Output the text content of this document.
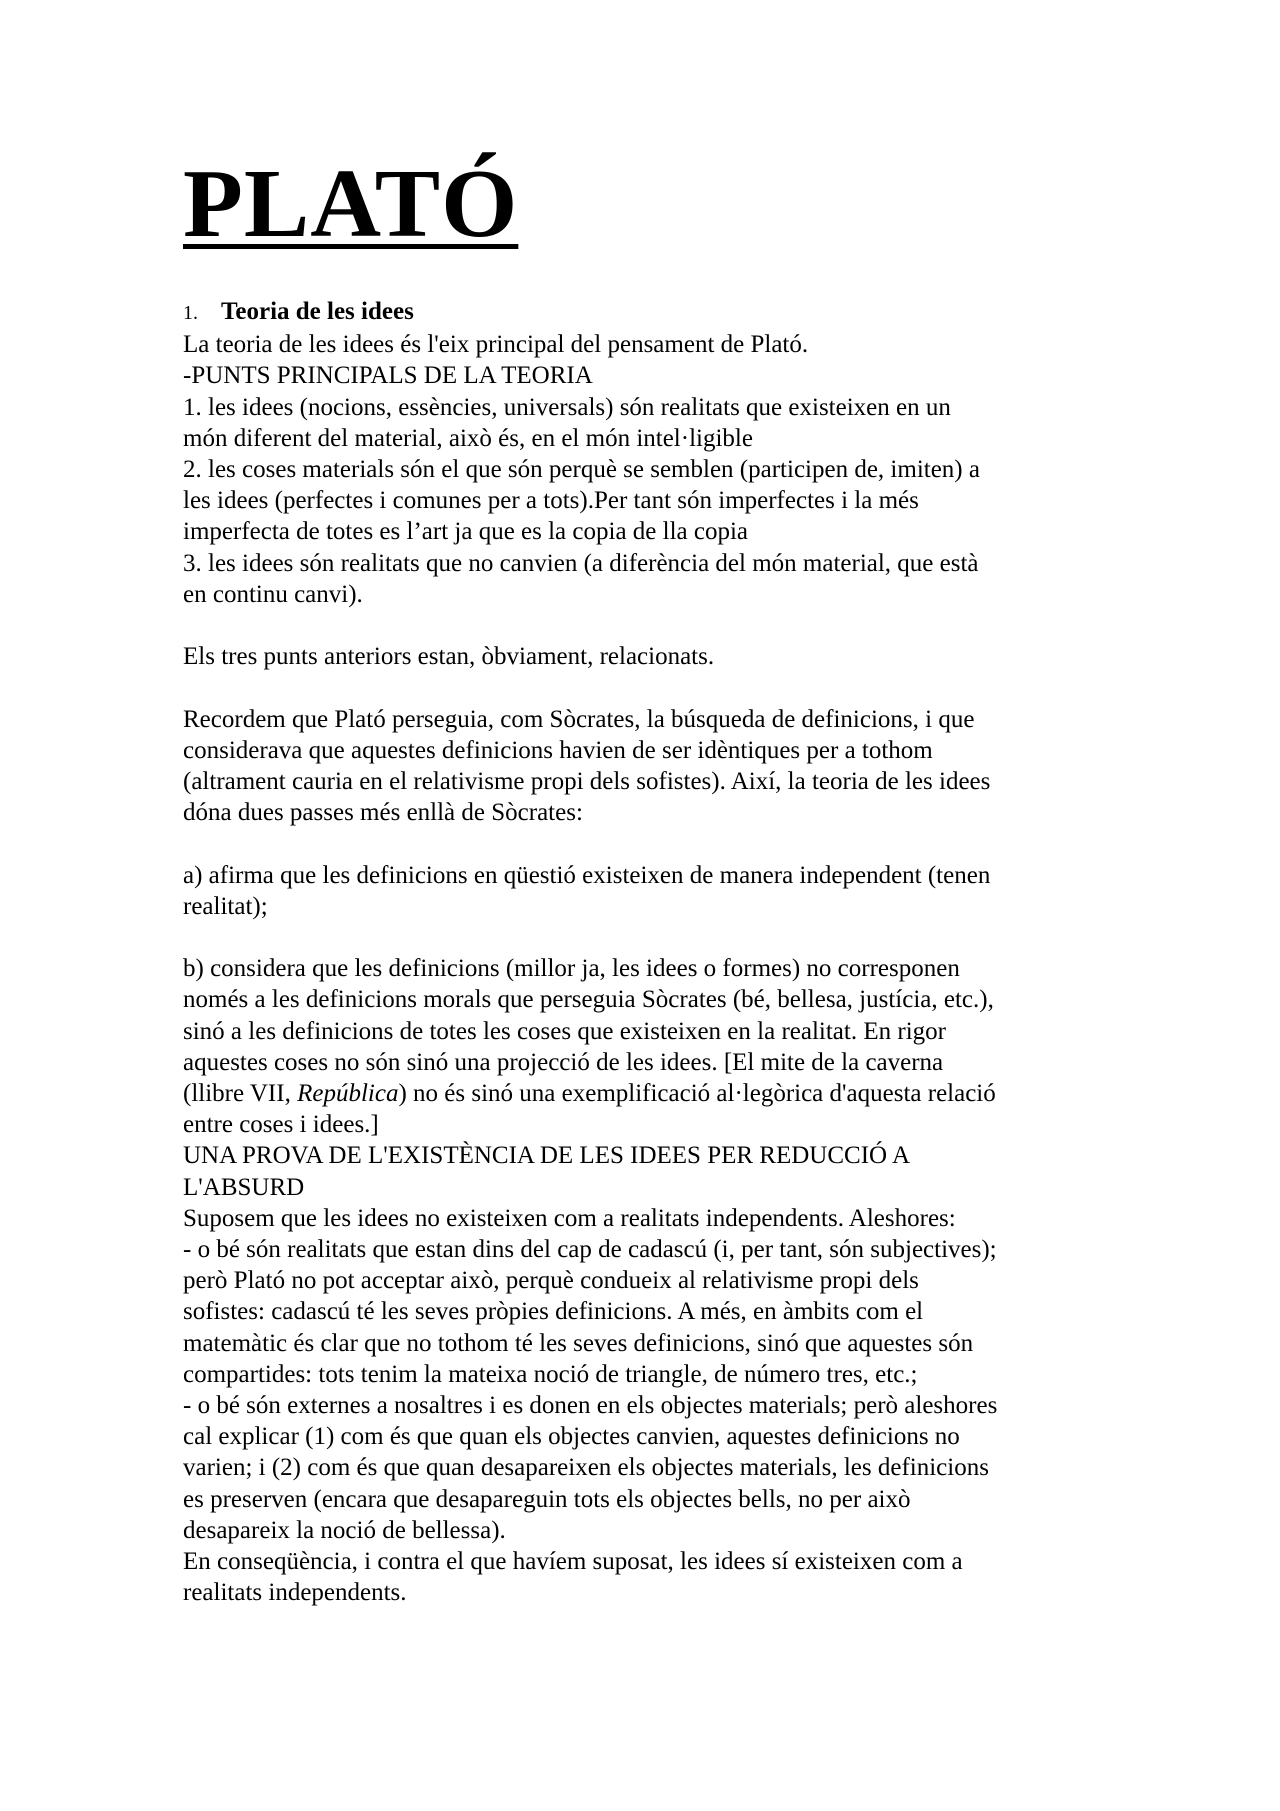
PLATÓ
1. Teoria de les idees
La teoria de les idees és l'eix principal del pensament de Plató.
-PUNTS PRINCIPALS DE LA TEORIA
1. les idees (nocions, essències, universals) són realitats que existeixen en un
món diferent del material, això és, en el món intel·ligible
2. les coses materials són el que són perquè se semblen (participen de, imiten) a
les idees (perfectes i comunes per a tots).Per tant són imperfectes i la més
imperfecta de totes es l’art ja que es la copia de lla copia
3. les idees són realitats que no canvien (a diferència del món material, que està
en continu canvi).
Els tres punts anteriors estan, òbviament, relacionats.
Recordem que Plató perseguia, com Sòcrates, la búsqueda de definicions, i que
considerava que aquestes definicions havien de ser idèntiques per a tothom
(altrament cauria en el relativisme propi dels sofistes). Així, la teoria de les idees
dóna dues passes més enllà de Sòcrates:
a) afirma que les definicions en qüestió existeixen de manera independent (tenen
realitat);
b) considera que les definicions (millor ja, les idees o formes) no corresponen
només a les definicions morals que perseguia Sòcrates (bé, bellesa, justícia, etc.),
sinó a les definicions de totes les coses que existeixen en la realitat. En rigor
aquestes coses no són sinó una projecció de les idees. [El mite de la caverna
(llibre VII, República) no és sinó una exemplificació al·legòrica d'aquesta relació
entre coses i idees.]
UNA PROVA DE L'EXISTÈNCIA DE LES IDEES PER REDUCCIÓ A
L'ABSURD
Suposem que les idees no existeixen com a realitats independents. Aleshores:
- o bé són realitats que estan dins del cap de cadascú (i, per tant, són subjectives);
però Plató no pot acceptar això, perquè condueix al relativisme propi dels
sofistes: cadascú té les seves pròpies definicions. A més, en àmbits com el
matemàtic és clar que no tothom té les seves definicions, sinó que aquestes són
compartides: tots tenim la mateixa noció de triangle, de número tres, etc.;
- o bé són externes a nosaltres i es donen en els objectes materials; però aleshores
cal explicar (1) com és que quan els objectes canvien, aquestes definicions no
varien; i (2) com és que quan desapareixen els objectes materials, les definicions
es preserven (encara que desapareguin tots els objectes bells, no per això
desapareix la noció de bellessa).
En conseqüència, i contra el que havíem suposat, les idees sí existeixen com a
realitats independents.
